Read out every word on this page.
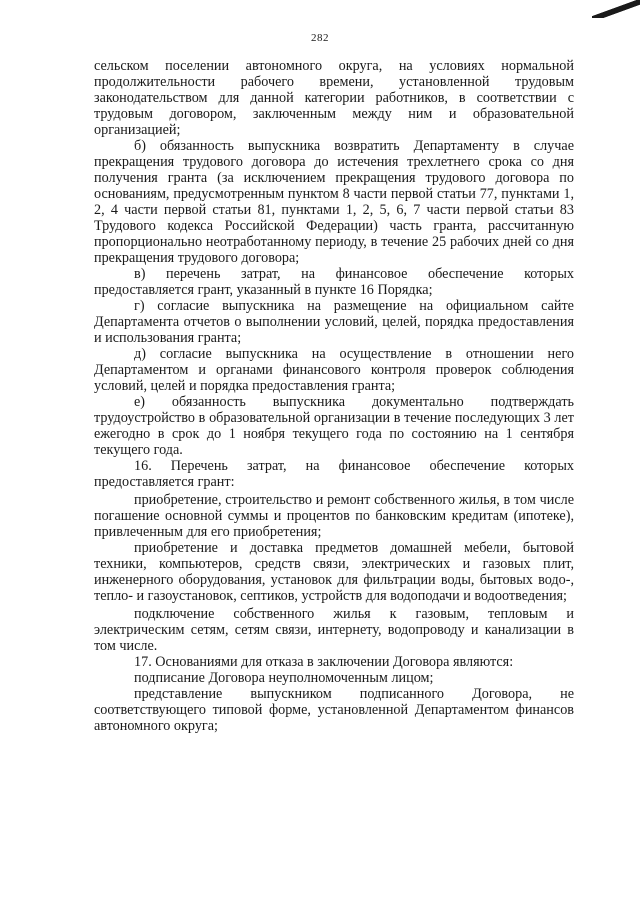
282

сельском поселении автономного округа, на условиях нормальной продолжительности рабочего времени, установленной трудовым законодательством для данной категории работников, в соответствии с трудовым договором, заключенным между ним и образовательной организацией;

б) обязанность выпускника возвратить Департаменту в случае прекращения трудового договора до истечения трехлетнего срока со дня получения гранта (за исключением прекращения трудового договора по основаниям, предусмотренным пунктом 8 части первой статьи 77, пунктами 1, 2, 4 части первой статьи 81, пунктами 1, 2, 5, 6, 7 части первой статьи 83 Трудового кодекса Российской Федерации) часть гранта, рассчитанную пропорционально неотработанному периоду, в течение 25 рабочих дней со дня прекращения трудового договора;

в) перечень затрат, на финансовое обеспечение которых предоставляется грант, указанный в пункте 16 Порядка;

г) согласие выпускника на размещение на официальном сайте Департамента отчетов о выполнении условий, целей, порядка предоставления и использования гранта;

д) согласие выпускника на осуществление в отношении него Департаментом и органами финансового контроля проверок соблюдения условий, целей и порядка предоставления гранта;

е) обязанность выпускника документально подтверждать трудоустройство в образовательной организации в течение последующих 3 лет ежегодно в срок до 1 ноября текущего года по состоянию на 1 сентября текущего года.

16. Перечень затрат, на финансовое обеспечение которых предоставляется грант:

приобретение, строительство и ремонт собственного жилья, в том числе погашение основной суммы и процентов по банковским кредитам (ипотеке), привлеченным для его приобретения;

приобретение и доставка предметов домашней мебели, бытовой техники, компьютеров, средств связи, электрических и газовых плит, инженерного оборудования, установок для фильтрации воды, бытовых водо-, тепло- и газоустановок, септиков, устройств для водоподачи и водоотведения;

подключение собственного жилья к газовым, тепловым и электрическим сетям, сетям связи, интернету, водопроводу и канализации в том числе.

17. Основаниями для отказа в заключении Договора являются:

подписание Договора неуполномоченным лицом;

представление выпускником подписанного Договора, не соответствующего типовой форме, установленной Департаментом финансов автономного округа;
